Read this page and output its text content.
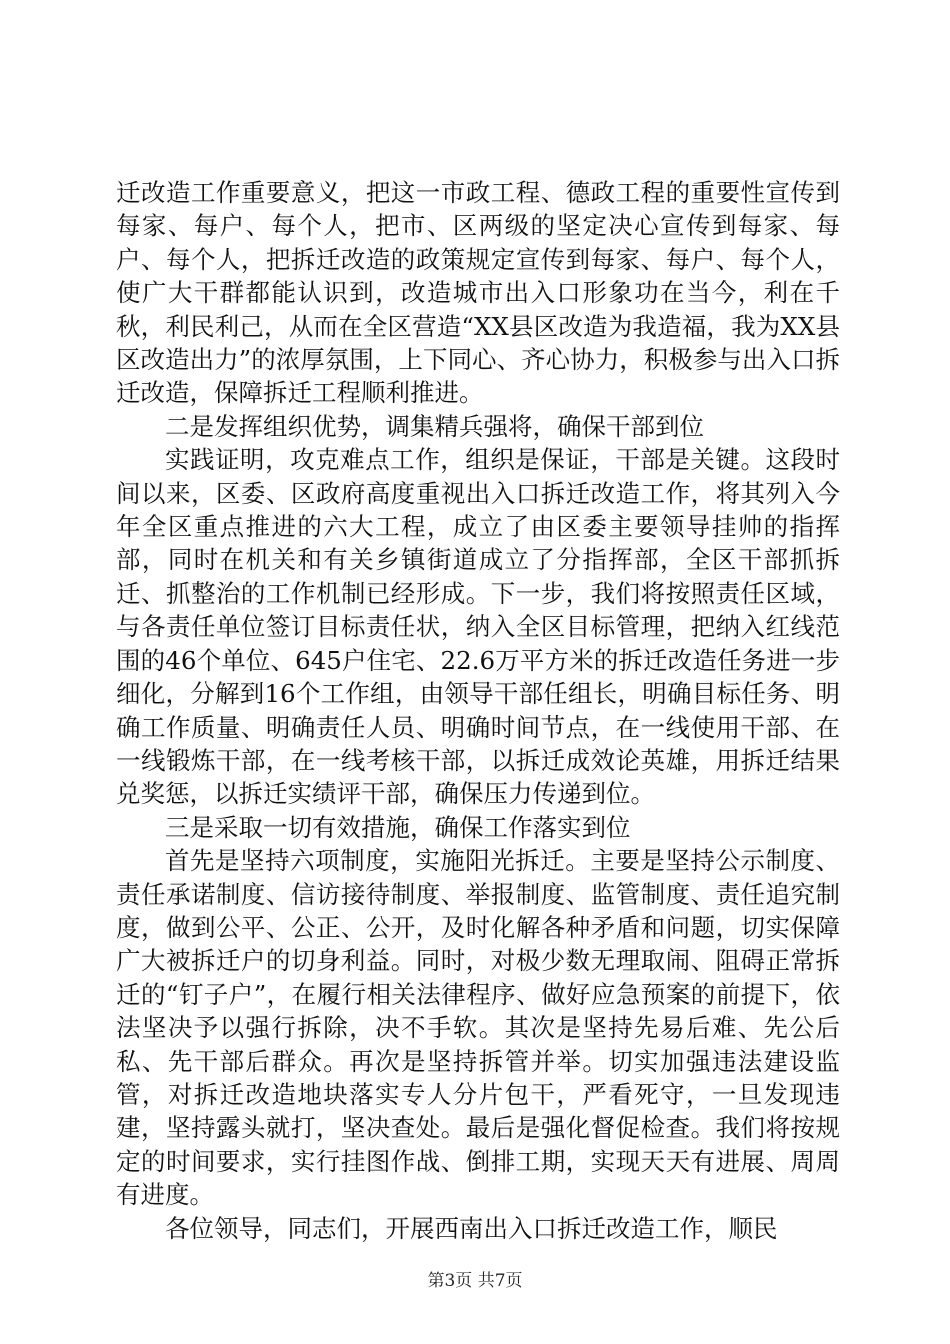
迁改造工作重要意义，把这一市政工程、德政工程的重要性宣传到每家、每户、每个人，把市、区两级的坚定决心宣传到每家、每户、每个人，把拆迁改造的政策规定宣传到每家、每户、每个人，使广大干群都能认识到，改造城市出入口形象功在当今，利在千秋，利民利己，从而在全区营造“XX县区改造为我造福，我为XX县区改造出力”的浓厚氛围，上下同心、齐心协力，积极参与出入口拆迁改造，保障拆迁工程顺利推进。

二是发挥组织优势，调集精兵强将，确保干部到位

实践证明，攻克难点工作，组织是保证，干部是关键。这段时间以来，区委、区政府高度重视出入口拆迁改造工作，将其列入今年全区重点推进的六大工程，成立了由区委主要领导挂帅的指挥部，同时在机关和有关乡镇街道成立了分指挥部，全区干部抓拆迁、抓整治的工作机制已经形成。下一步，我们将按照责任区域，与各责任单位签订目标责任状，纳入全区目标管理，把纳入红线范围的46个单位、645户住宅、22.6万平方米的拆迁改造任务进一步细化，分解到16个工作组，由领导干部任组长，明确目标任务、明确工作质量、明确责任人员、明确时间节点，在一线使用干部、在一线锻炼干部，在一线考核干部，以拆迁成效论英雄，用拆迁结果兑奖惩，以拆迁实绩评干部，确保压力传递到位。

三是采取一切有效措施，确保工作落实到位

首先是坚持六项制度，实施阳光拆迁。主要是坚持公示制度、责任承诺制度、信访接待制度、举报制度、监管制度、责任追究制度，做到公平、公正、公开，及时化解各种矛盾和问题，切实保障广大被拆迁户的切身利益。同时，对极少数无理取闹、阻碍正常拆迁的“钉子户”，在履行相关法律程序、做好应急预案的前提下，依法坚决予以强行拆除，决不手软。其次是坚持先易后难、先公后私、先干部后群众。再次是坚持拆管并举。切实加强违法建设监管，对拆迁改造地块落实专人分片包干，严看死守，一旦发现违建，坚持露头就打，坚决查处。最后是强化督促检查。我们将按规定的时间要求，实行挂图作战、倒排工期，实现天天有进展、周周有进度。

各位领导，同志们，开展西南出入口拆迁改造工作，顺民

第3页 共7页
